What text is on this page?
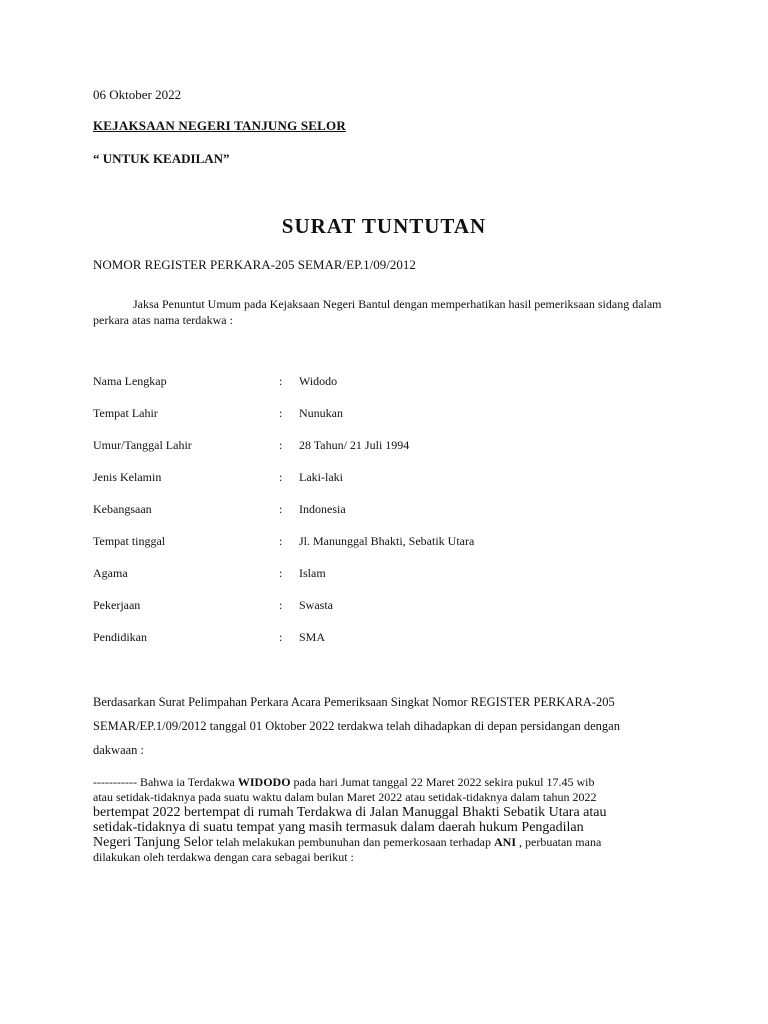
06 Oktober 2022
KEJAKSAAN NEGERI TANJUNG SELOR
“ UNTUK KEADILAN”
SURAT TUNTUTAN
NOMOR REGISTER PERKARA-205 SEMAR/EP.1/09/2012
Jaksa Penuntut Umum pada Kejaksaan Negeri Bantul dengan memperhatikan hasil pemeriksaan sidang dalam perkara atas nama terdakwa :
Nama Lengkap	: Widodo
Tempat Lahir	: Nunukan
Umur/Tanggal Lahir	: 28 Tahun/ 21 Juli 1994
Jenis Kelamin	: Laki-laki
Kebangsaan	: Indonesia
Tempat tinggal	: Jl. Manunggal Bhakti, Sebatik Utara
Agama	: Islam
Pekerjaan	: Swasta
Pendidikan	: SMA
Berdasarkan Surat Pelimpahan Perkara Acara Pemeriksaan Singkat Nomor REGISTER PERKARA-205
SEMAR/EP.1/09/2012 tanggal 01 Oktober 2022 terdakwa telah dihadapkan di depan persidangan dengan
dakwaan :
----------- Bahwa ia Terdakwa WIDODO pada hari Jumat tanggal 22 Maret 2022 sekira pukul 17.45 wib
atau setidak-tidaknya pada suatu waktu dalam bulan Maret 2022 atau setidak-tidaknya dalam tahun 2022
bertempat 2022 bertempat di rumah Terdakwa di Jalan Manuggal Bhakti Sebatik Utara atau
setidak-tidaknya di suatu tempat yang masih termasuk dalam daerah hukum Pengadilan
Negeri Tanjung Selor telah melakukan pembunuhan dan pemerkosaan terhadap ANI , perbuatan mana
dilakukan oleh terdakwa dengan cara sebagai berikut :
